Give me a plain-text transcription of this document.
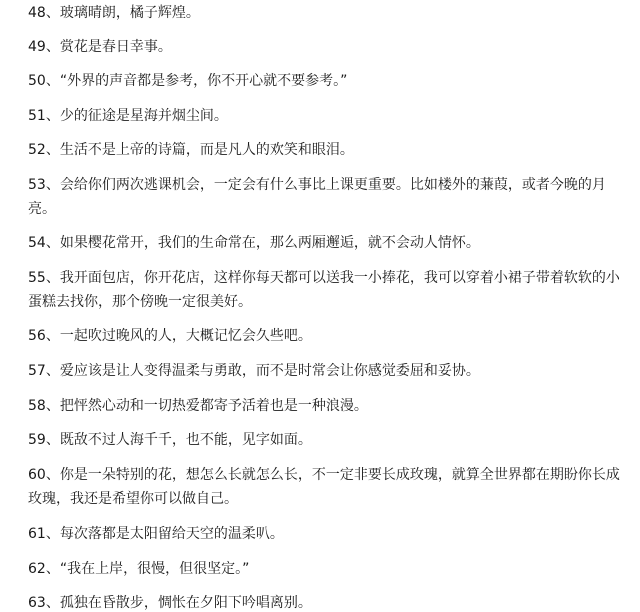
48、玻璃晴朗，橘子辉煌。

49、赏花是春日幸事。

50、“外界的声音都是参考，你不开心就不要参考。”

51、少的征途是星海并烟尘间。

52、生活不是上帝的诗篇，而是凡人的欢笑和眼泪。

53、会给你们两次逃课机会，一定会有什么事比上课更重要。比如楼外的蒹葭，或者今晚的月亮。

54、如果樱花常开，我们的生命常在，那么两厢邂逅，就不会动人情怀。

55、我开面包店，你开花店，这样你每天都可以送我一小捧花，我可以穿着小裙子带着软软的小蛋糕去找你，那个傍晚一定很美好。

56、一起吹过晚风的人，大概记忆会久些吧。

57、爱应该是让人变得温柔与勇敢，而不是时常会让你感觉委屈和妥协。

58、把怦然心动和一切热爱都寄予活着也是一种浪漫。

59、既敌不过人海千千，也不能，见字如面。

60、你是一朵特别的花，想怎么长就怎么长，不一定非要长成玫瑰，就算全世界都在期盼你长成玫瑰，我还是希望你可以做自己。

61、每次落都是太阳留给天空的温柔叭。

62、“我在上岸，很慢，但很坚定。”

63、孤独在昏散步，惆怅在夕阳下吟唱离别。
